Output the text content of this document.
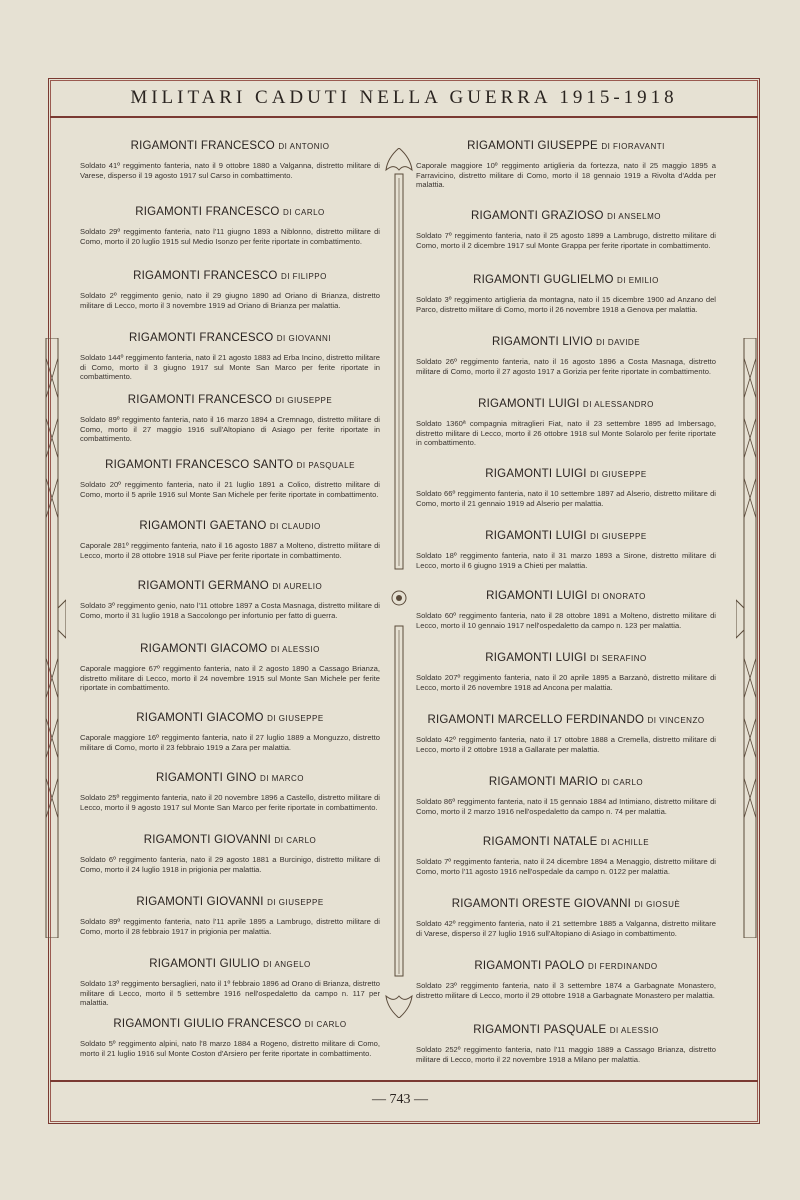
MILITARI CADUTI NELLA GUERRA 1915-1918
RIGAMONTI FRANCESCO DI ANTONIO
Soldato 41º reggimento fanteria, nato il 9 ottobre 1880 a Valganna, distretto militare di Varese, disperso il 19 agosto 1917 sul Carso in combattimento.
RIGAMONTI FRANCESCO DI CARLO
Soldato 29º reggimento fanteria, nato l'11 giugno 1893 a Niblonno, distretto militare di Como, morto il 20 luglio 1915 sul Medio Isonzo per ferite riportate in combattimento.
RIGAMONTI FRANCESCO DI FILIPPO
Soldato 2º reggimento genio, nato il 29 giugno 1890 ad Oriano di Brianza, distretto militare di Lecco, morto il 3 novembre 1919 ad Oriano di Brianza per malattia.
RIGAMONTI FRANCESCO DI GIOVANNI
Soldato 144º reggimento fanteria, nato il 21 agosto 1883 ad Erba Incino, distretto militare di Como, morto il 3 giugno 1917 sul Monte San Marco per ferite riportate in combattimento.
RIGAMONTI FRANCESCO DI GIUSEPPE
Soldato 89º reggimento fanteria, nato il 16 marzo 1894 a Cremnago, distretto militare di Como, morto il 27 maggio 1916 sull'Altopiano di Asiago per ferite riportate in combattimento.
RIGAMONTI FRANCESCO SANTO DI PASQUALE
Soldato 20º reggimento fanteria, nato il 21 luglio 1891 a Colico, distretto militare di Como, morto il 5 aprile 1916 sul Monte San Michele per ferite riportate in combattimento.
RIGAMONTI GAETANO DI CLAUDIO
Caporale 281º reggimento fanteria, nato il 16 agosto 1887 a Molteno, distretto militare di Lecco, morto il 28 ottobre 1918 sul Piave per ferite riportate in combattimento.
RIGAMONTI GERMANO DI AURELIO
Soldato 3º reggimento genio, nato l'11 ottobre 1897 a Costa Masnaga, distretto militare di Como, morto il 31 luglio 1918 a Saccolongo per infortunio per fatto di guerra.
RIGAMONTI GIACOMO DI ALESSIO
Caporale maggiore 67º reggimento fanteria, nato il 2 agosto 1890 a Cassago Brianza, distretto militare di Lecco, morto il 24 novembre 1915 sul Monte San Michele per ferite riportate in combattimento.
RIGAMONTI GIACOMO DI GIUSEPPE
Caporale maggiore 16º reggimento fanteria, nato il 27 luglio 1889 a Monguzzo, distretto militare di Como, morto il 23 febbraio 1919 a Zara per malattia.
RIGAMONTI GINO DI MARCO
Soldato 25º reggimento fanteria, nato il 20 novembre 1896 a Castello, distretto militare di Lecco, morto il 9 agosto 1917 sul Monte San Marco per ferite riportate in combattimento.
RIGAMONTI GIOVANNI DI CARLO
Soldato 6º reggimento fanteria, nato il 29 agosto 1881 a Burcinigo, distretto militare di Como, morto il 24 luglio 1918 in prigionia per malattia.
RIGAMONTI GIOVANNI DI GIUSEPPE
Soldato 89º reggimento fanteria, nato l'11 aprile 1895 a Lambrugo, distretto militare di Como, morto il 28 febbraio 1917 in prigionia per malattia.
RIGAMONTI GIULIO DI ANGELO
Soldato 13º reggimento bersaglieri, nato il 1º febbraio 1896 ad Orano di Brianza, distretto militare di Lecco, morto il 5 settembre 1916 nell'ospedaletto da campo n. 117 per malattia.
RIGAMONTI GIULIO FRANCESCO DI CARLO
Soldato 5º reggimento alpini, nato l'8 marzo 1884 a Rogeno, distretto militare di Como, morto il 21 luglio 1916 sul Monte Coston d'Arsiero per ferite riportate in combattimento.
RIGAMONTI GIUSEPPE DI FIORAVANTI
Caporale maggiore 10º reggimento artiglieria da fortezza, nato il 25 maggio 1895 a Farravicino, distretto militare di Como, morto il 18 gennaio 1919 a Rivolta d'Adda per malattia.
RIGAMONTI GRAZIOSO DI ANSELMO
Soldato 7º reggimento fanteria, nato il 25 agosto 1899 a Lambrugo, distretto militare di Como, morto il 2 dicembre 1917 sul Monte Grappa per ferite riportate in combattimento.
RIGAMONTI GUGLIELMO DI EMILIO
Soldato 3º reggimento artiglieria da montagna, nato il 15 dicembre 1900 ad Anzano del Parco, distretto militare di Como, morto il 26 novembre 1918 a Genova per malattia.
RIGAMONTI LIVIO DI DAVIDE
Soldato 26º reggimento fanteria, nato il 16 agosto 1896 a Costa Masnaga, distretto militare di Como, morto il 27 agosto 1917 a Gorizia per ferite riportate in combattimento.
RIGAMONTI LUIGI DI ALESSANDRO
Soldato 1360ª compagnia mitraglieri Fiat, nato il 23 settembre 1895 ad Imbersago, distretto militare di Lecco, morto il 26 ottobre 1918 sul Monte Solarolo per ferite riportate in combattimento.
RIGAMONTI LUIGI DI GIUSEPPE
Soldato 66º reggimento fanteria, nato il 10 settembre 1897 ad Alserio, distretto militare di Como, morto il 21 gennaio 1919 ad Alserio per malattia.
RIGAMONTI LUIGI DI GIUSEPPE
Soldato 18º reggimento fanteria, nato il 31 marzo 1893 a Sirone, distretto militare di Lecco, morto il 6 giugno 1919 a Chieti per malattia.
RIGAMONTI LUIGI DI ONORATO
Soldato 60º reggimento fanteria, nato il 28 ottobre 1891 a Molteno, distretto militare di Lecco, morto il 10 gennaio 1917 nell'ospedaletto da campo n. 123 per malattia.
RIGAMONTI LUIGI DI SERAFINO
Soldato 207º reggimento fanteria, nato il 20 aprile 1895 a Barzanò, distretto militare di Lecco, morto il 26 novembre 1918 ad Ancona per malattia.
RIGAMONTI MARCELLO FERDINANDO DI VINCENZO
Soldato 42º reggimento fanteria, nato il 17 ottobre 1888 a Cremella, distretto militare di Lecco, morto il 2 ottobre 1918 a Gallarate per malattia.
RIGAMONTI MARIO DI CARLO
Soldato 86º reggimento fanteria, nato il 15 gennaio 1884 ad Intimiano, distretto militare di Como, morto il 2 marzo 1916 nell'ospedaletto da campo n. 74 per malattia.
RIGAMONTI NATALE DI ACHILLE
Soldato 7º reggimento fanteria, nato il 24 dicembre 1894 a Menaggio, distretto militare di Como, morto l'11 agosto 1916 nell'ospedale da campo n. 0122 per malattia.
RIGAMONTI ORESTE GIOVANNI DI GIOSUÈ
Soldato 42º reggimento fanteria, nato il 21 settembre 1885 a Valganna, distretto militare di Varese, disperso il 27 luglio 1916 sull'Altopiano di Asiago in combattimento.
RIGAMONTI PAOLO DI FERDINANDO
Soldato 23º reggimento fanteria, nato il 3 settembre 1874 a Garbagnate Monastero, distretto militare di Lecco, morto il 29 ottobre 1918 a Garbagnate Monastero per malattia.
RIGAMONTI PASQUALE DI ALESSIO
Soldato 252º reggimento fanteria, nato l'11 maggio 1889 a Cassago Brianza, distretto militare di Lecco, morto il 22 novembre 1918 a Milano per malattia.
— 743 —
